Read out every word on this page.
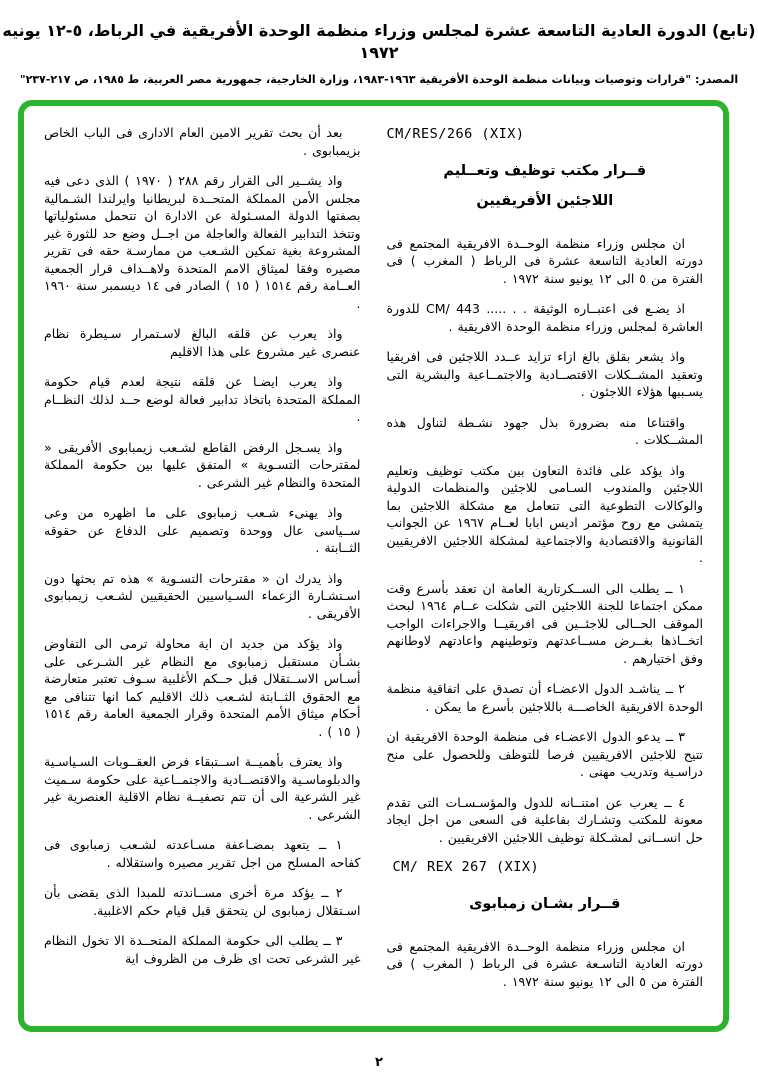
(تابع) الدورة العادية التاسعة عشرة لمجلس وزراء منظمة الوحدة الأفريقية في الرباط، ٥-١٢ يونيه ١٩٧٢
المصدر: "قرارات وتوصيات وبيانات منظمة الوحدة الأفريقية ١٩٦٣-١٩٨٣، وزارة الخارجية، جمهورية مصر العربية، ط ١٩٨٥، ص ٢١٧-٢٣٧"
CM/RES/266 (XIX)
قــرار مكتب توظيف وتعــليم
اللاجئين الأفريقيين

ان مجلس وزراء منظمة الوحــدة الافريقية المجتمع فى دورته العادية التاسعة عشرة فى الرباط ( المغرب ) فى الفترة من ٥ الى ١٢ يونيو سنة ١٩٧٢ .

اذ يضـع فى اعتبــاره الوثيقة . . ..... CM/ 443 للدورة العاشرة لمجلس وزراء منظمة الوحدة الافريقية .

واذ يشعر بقلق بالغ ازاء تزايد عــدد اللاجئين فى افريقيا وتعقيد المشــكلات الاقتصــادية والاجتمــاعية والبشرية التى يسـببها هؤلاء اللاجئون .

واقتناعا منه بضرورة بذل جهود نشـطة لتناول هذه المشــكلات .

واذ يؤكد على فائدة التعاون بين مكتب توظيف وتعليم اللاجئين والمندوب السـامى للاجئين والمنظمات الدولية والوكالات التطوعية التى تتعامل مع مشكلة اللاجئين بما يتمشى مع روح مؤتمر اديس ابابا لعــام ١٩٦٧ عن الجوانب القانونية والاقتصادية والاجتماعية لمشكلة اللاجئين الافريقيين .

١ ــ يطلب الى الســكرتارية العامة ان تعقد بأسرع وقت ممكن اجتماعا للجنة اللاجئين التى شكلت عــام ١٩٦٤ لبحث الموقف الحــالى للاجئــين فى افريقيــا والاجراءات الواجب اتخــاذها بغــرض مســاعدتهم وتوطينهم واعادتهم لاوطانهم وفق اختيارهم .

٢ ــ يناشـد الدول الاعضـاء أن تصدق على اتفاقية منظمة الوحدة الافريقية الخاصـــة باللاجئين بأسرع ما يمكن .

٣ ــ يدعو الدول الاعضـاء فى منظمة الوحدة الافريقية ان تتيح للاجئين الافريقيين فرصا للتوظف وللحصول على منح دراسـية وتدريب مهنى .

٤ ــ يعرب عن امتنــانه للدول والمؤسـسـات التى تقدم معونة للمكتب وتشـارك بفاعلية فى السعى من اجل ايجاد حل انســانى لمشـكلة توظيف اللاجئين الافريقيين .

CM/ REX 267 (XIX)
قــرار بشـان زمبابوى

ان مجلس وزراء منظمة الوحــدة الافريقية المجتمع فى دورته العادية التاسـعة عشرة فى الرباط ( المغرب ) فى الفترة من ٥ الى ١٢ يونيو سنة ١٩٧٢ .

بعد أن بحث تقرير الامين العام الادارى فى الباب الخاص بزيمبابوى .

واذ يشــير الى القرار رقم ٢٨٨ ( ١٩٧٠ ) الذى دعى فيه مجلس الأمن المملكة المتحــدة لبريطانيا وايرلندا الشـمالية بصفتها الدولة المسـئولة عن الادارة ان تتحمل مسئولياتها وتتخذ التدابير الفعالة والعاجلة من اجــل وضع حد للثورة غير المشروعة بغية تمكين الشـعب من ممارسـة حقه فى تقرير مصيره وفقا لميثاق الامم المتحدة ولاهــداف قرار الجمعية العــامة رقم ١٥١٤ ( ١٥ ) الصادر فى ١٤ ديسمبر سنة ١٩٦٠ .

واذ يعرب عن قلقه البالغ لاسـتمرار سـيطرة نظام عنصرى غير مشروع على هذا الاقليم

واذ يعرب ايضـا عن قلقه نتيجة لعدم قيام حكومة المملكة المتحدة باتخاذ تدابير فعالة لوضع حــد لذلك النظــام .

واذ يسـجل الرفض القاطع لشـعب زيمبابوى الأفريقى « لمقترحات التسـوية » المتفق عليها بين حكومة المملكة المتحدة والنظام غير الشرعى .

واذ يهنىء شـعب زمبابوى على ما اظهره من وعى ســياسى عال ووحدة وتصميم على الدفاع عن حقوقه الثــابتة .

واذ يدرك ان « مقترحات التسـوية » هذه تم بحثها دون اسـتشـارة الزعماء السـياسيين الحقيقيين لشـعب زيمبابوى الأفريقى .

واذ يؤكد من جديد ان اية محاولة ترمى الى التفاوض بشـأن مستقبل زمبابوى مع النظام غير الشـرعى على أسـاس الاســتقلال قبل حــكم الأغلبية سـوف تعتبر متعارضة مع الحقوق الثــابتة لشـعب ذلك الاقليم كما انها تتنافى مع أحكام ميثاق الأمم المتحدة وقرار الجمعية العامة رقم ١٥١٤ ( ١٥ ) .

واذ يعترف بأهميــة اســتبقاء فرض العقــوبات السـياسـية والدبلوماسـية والاقتصــادية والاجتمــاعية على حكومة سـميث غير الشرعية الى أن تتم تصفيــة نظام الاقلية العنصرية غير الشرعى .

١ ــ يتعهد بمضـاعفة مسـاعدته لشـعب زمبابوى فى كفاحه المسلح من اجل تقرير مصيره واستقلاله .

٢ ــ يؤكد مرة أخرى مســاندته للمبدا الذى يقضى بأن اسـتقلال زمبابوى لن يتحقق قبل قيام حكم الاغلبية.

٣ ــ يطلب الى حكومة المملكة المتحــدة الا تخول النظام غير الشرعى تحت اى ظرف من الظروف اية

٢
